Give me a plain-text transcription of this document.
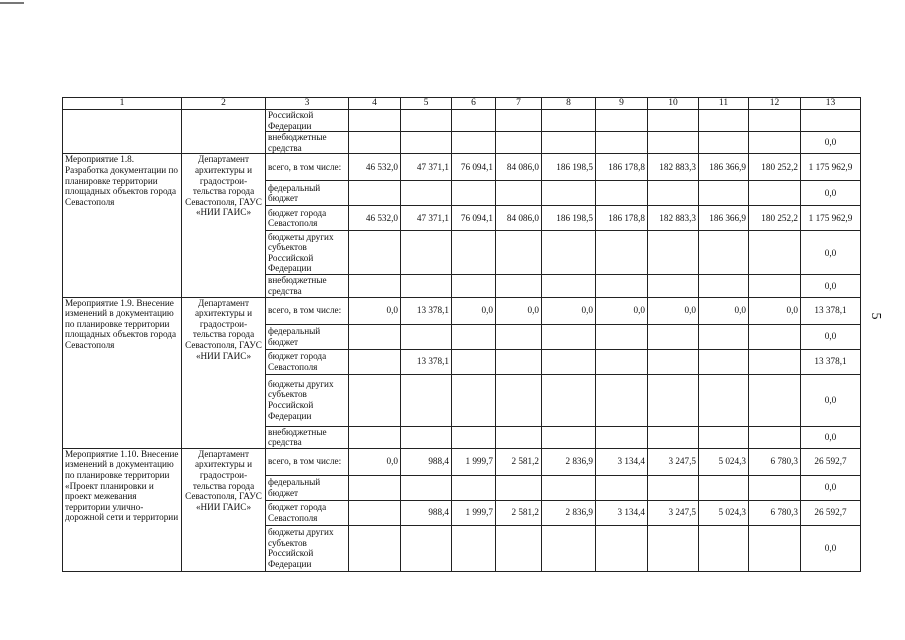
5
1	2	3	4	5	6	7	8	9	10	11	12	13
		Российской Федерации										
		внебюджетные средства										0,0
Мероприятие 1.8. Разработка документации по планировке территории площадных объектов города Севастополя	Департамент архитектуры и градострои-тельства города Севастополя, ГАУС «НИИ ГАИС»	всего, в том числе:	46 532,0	47 371,1	76 094,1	84 086,0	186 198,5	186 178,8	182 883,3	186 366,9	180 252,2	1 175 962,9
		федеральный бюджет										0,0
		бюджет города Севастополя	46 532,0	47 371,1	76 094,1	84 086,0	186 198,5	186 178,8	182 883,3	186 366,9	180 252,2	1 175 962,9
		бюджеты других субъектов Российской Федерации										0,0
		внебюджетные средства										0,0
Мероприятие 1.9. Внесение изменений в документацию по планировке территории площадных объектов города Севастополя	Департамент архитектуры и градострои-тельства города Севастополя, ГАУС «НИИ ГАИС»	всего, в том числе:	0,0	13 378,1	0,0	0,0	0,0	0,0	0,0	0,0	0,0	13 378,1
		федеральный бюджет										0,0
		бюджет города Севастополя		13 378,1								13 378,1
		бюджеты других субъектов Российской Федерации										0,0
		внебюджетные средства										0,0
Мероприятие 1.10. Внесение изменений в документацию по планировке территории «Проект планировки и проект межевания территории улично-дорожной сети и территории	Департамент архитектуры и градострои-тельства города Севастополя, ГАУС «НИИ ГАИС»	всего, в том числе:	0,0	988,4	1 999,7	2 581,2	2 836,9	3 134,4	3 247,5	5 024,3	6 780,3	26 592,7
		федеральный бюджет										0,0
		бюджет города Севастополя		988,4	1 999,7	2 581,2	2 836,9	3 134,4	3 247,5	5 024,3	6 780,3	26 592,7
		бюджеты других субъектов Российской Федерации										0,0
